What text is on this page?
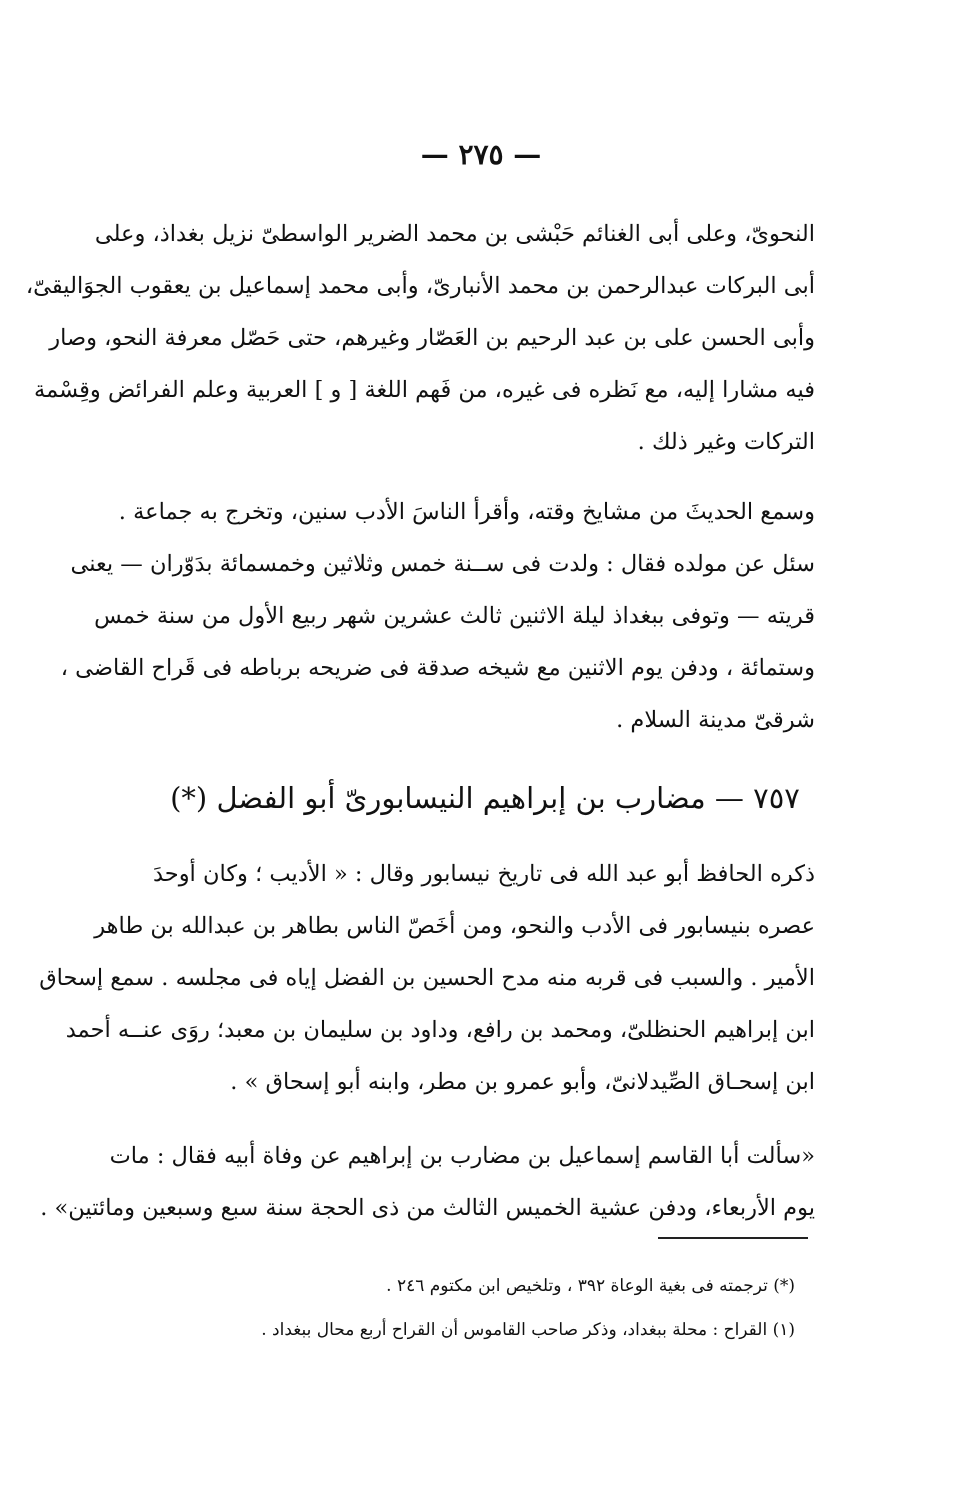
— ٢٧٥ —
النحوىّ، وعلى أبى الغنائم حَبْشى بن محمد الضرير الواسطىّ نزيل بغداذ، وعلى
أبى البركات عبدالرحمن بن محمد الأنبارىّ، وأبى محمد إسماعيل بن يعقوب الجوَاليقىّ،
وأبى الحسن على بن عبد الرحيم بن العَصّار وغيرهم، حتى حَصّل معرفة النحو، وصار
فيه مشارا إليه، مع نَظره فى غيره، من فَهم اللغة [ و ] العربية وعلم الفرائض وقِسْمة
التركات وغير ذلك .
وسمع الحديثَ من مشايخ وقته، وأقرأ الناسَ الأدب سنين، وتخرج به جماعة .
سئل عن مولده فقال : ولدت فى ســنة خمس وثلاثين وخمسمائة بدَوّران — يعنى
قريته — وتوفى ببغداذ ليلة الاثنين ثالث عشرين شهر ربيع الأول من سنة خمس
وستمائة ، ودفن يوم الاثنين مع شيخه صدقة فى ضريحه برباطه فى قَراح القاضى ،
شرقىّ مدينة السلام .
٧٥٧ — مضارب بن إبراهيم النيسابورىّ أبو الفضل (*)
ذكره الحافظ أبو عبد الله فى تاريخ نيسابور وقال : « الأديب ؛ وكان أوحدَ
عصره بنيسابور فى الأدب والنحو، ومن أخَصّ الناس بطاهر بن عبدالله بن طاهر
الأمير . والسبب فى قربه منه مدح الحسين بن الفضل إياه فى مجلسه . سمع إسحاق
ابن إبراهيم الحنظلىّ، ومحمد بن رافع، وداود بن سليمان بن معبد؛ روَى عنــه أحمد
ابن إسحـاق الصِّيدلانىّ، وأبو عمرو بن مطر، وابنه أبو إسحاق » .
«سألت أبا القاسم إسماعيل بن مضارب بن إبراهيم عن وفاة أبيه فقال : مات
يوم الأربعاء، ودفن عشية الخميس الثالث من ذى الحجة سنة سبع وسبعين ومائتين» .
(*) ترجمته فى بغية الوعاة ٣٩٢ ، وتلخيص ابن مكتوم ٢٤٦ .
(١) القراح : محلة ببغداد، وذكر صاحب القاموس أن القراح أربع محال ببغداد .
